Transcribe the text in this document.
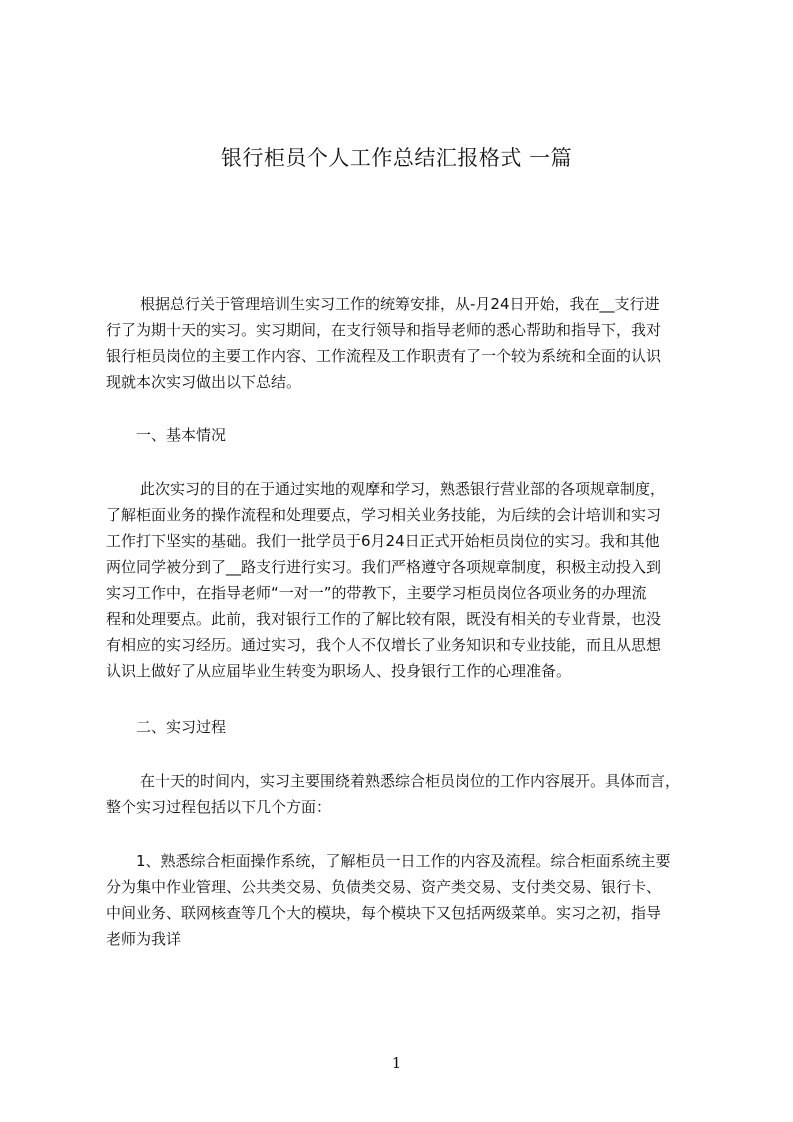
银行柜员个人工作总结汇报格式 一篇
根据总行关于管理培训生实习工作的统筹安排，从-月24日开始，我在__支行进
行了为期十天的实习。实习期间，在支行领导和指导老师的悉心帮助和指导下，我对
银行柜员岗位的主要工作内容、工作流程及工作职责有了一个较为系统和全面的认识
现就本次实习做出以下总结。
一、基本情况
此次实习的目的在于通过实地的观摩和学习，熟悉银行营业部的各项规章制度，
了解柜面业务的操作流程和处理要点，学习相关业务技能，为后续的会计培训和实习
工作打下坚实的基础。我们一批学员于6月24日正式开始柜员岗位的实习。我和其他
两位同学被分到了__路支行进行实习。我们严格遵守各项规章制度，积极主动投入到
实习工作中，在指导老师“一对一”的带教下，主要学习柜员岗位各项业务的办理流
程和处理要点。此前，我对银行工作的了解比较有限，既没有相关的专业背景，也没
有相应的实习经历。通过实习，我个人不仅增长了业务知识和专业技能，而且从思想
认识上做好了从应届毕业生转变为职场人、投身银行工作的心理准备。
二、实习过程
在十天的时间内，实习主要围绕着熟悉综合柜员岗位的工作内容展开。具体而言，
整个实习过程包括以下几个方面：
1、熟悉综合柜面操作系统，了解柜员一日工作的内容及流程。综合柜面系统主要
分为集中作业管理、公共类交易、负债类交易、资产类交易、支付类交易、银行卡、
中间业务、联网核查等几个大的模块，每个模块下又包括两级菜单。实习之初，指导
老师为我详
1
